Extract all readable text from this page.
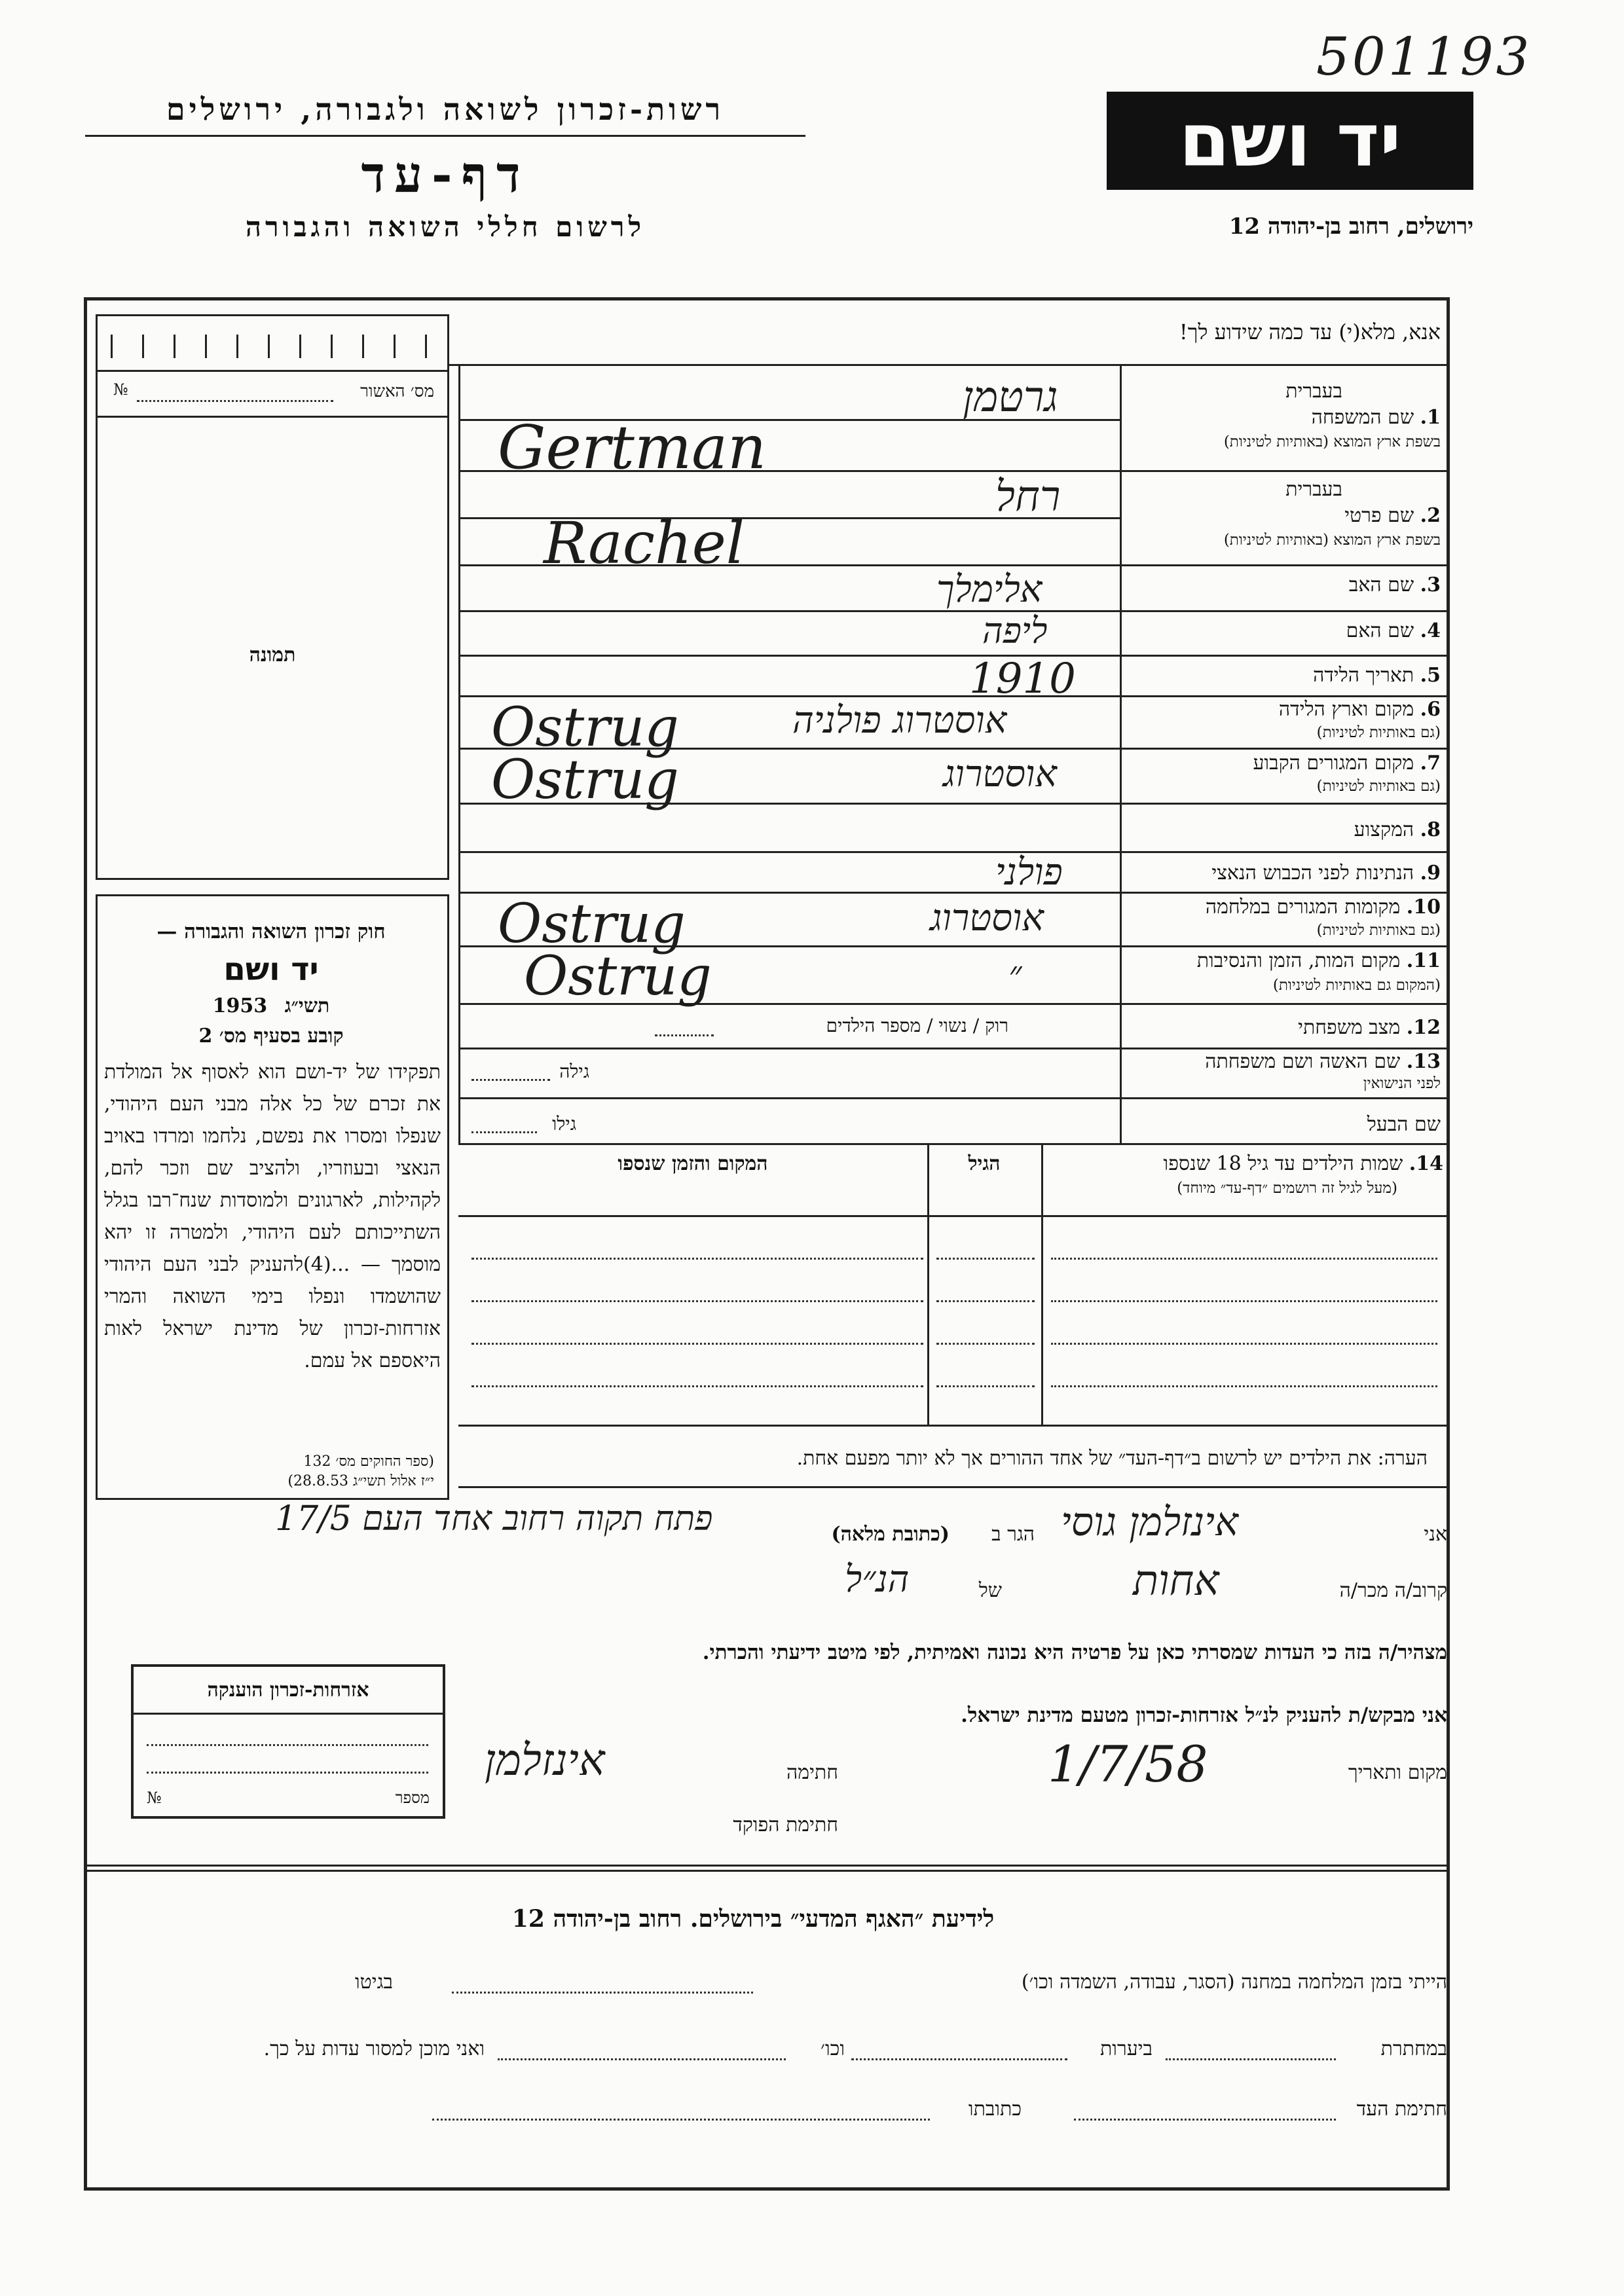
501193
רשות-זכרון לשואה ולגבורה, ירושלים
דף-עד
לרשום חללי השואה והגבורה
יד ושם
ירושלים, רחוב בן-יהודה 12
אנא, מלא(י) עד כמה שידוע לך!
מס׳ האשור
№
תמונה
חוק זכרון השואה והגבורה —
יד ושם
1953 תשי״ג
קובע בסעיף מס׳ 2
תפקידו של יד-ושם הוא לאסוף אל המולדת את זכרם של כל אלה מבני העם היהודי, שנפלו ומסרו את נפשם, נלחמו ומרדו באויב הנאצי ובעוזריו, ולהציב שם וזכר להם, לקהילות, לארגונים ולמוסדות שנח־רבו בגלל השתייכותם לעם היהודי, ולמטרה זו יהא מוסמך — ...(4)להעניק לבני העם היהודי שהושמדו ונפלו בימי השואה והמרי אזרחות-זכרון של מדינת ישראל לאות היאספם אל עמם.
(ספר החוקים מס׳ 132
י״ז אלול תשי״ג 28.8.53)
בעברית
1. שם המשפחה
בשפת ארץ המוצא (באותיות לטיניות)
בעברית
2. שם פרטי
בשפת ארץ המוצא (באותיות לטיניות)
3. שם האב
4. שם האם
5. תאריך הלידה
6. מקום וארץ הלידה
(גם באותיות לטיניות)
7. מקום המגורים הקבוע
(גם באותיות לטיניות)
8. המקצוע
9. הנתינות לפני הכבוש הנאצי
10. מקומות המגורים במלחמה
(גם באותיות לטיניות)
11. מקום המות, הזמן והנסיבות
(המקום גם באותיות לטיניות)
12. מצב משפחתי
13. שם האשה ושם משפחתה
לפני הנישואין
שם הבעל
גרטמן
Gertman
רחל
Rachel
אלימלך
ליפה
1910
אוסטרוג פולניה
Ostrug
אוסטרוג
Ostrug
פולני
אוסטרוג
Ostrug
״
Ostrug
רוק / נשוי / מספר הילדים
גילה
גילו
14. שמות הילדים עד גיל 18 שנספו
(מעל לגיל זה רושמים ״דף-עד״ מיוחד)
הגיל
המקום והזמן שנספו
הערה: את הילדים יש לרשום ב״דף-העד״ של אחד ההורים אך לא יותר מפעם אחת.
אני
אינזלמן גוסי
הגר ב
(כתובת מלאה)
פתח תקוה רחוב אחד העם 17/5
קרוב/ה מכר/ה
אחות
של
הנ״ל
מצהיר/ה בזה כי העדות שמסרתי כאן על פרטיה היא נכונה ואמיתית, לפי מיטב ידיעתי והכרתי.
אני מבקש/ת להעניק לנ״ל אזרחות-זכרון מטעם מדינת ישראל.
מקום ותאריך
1/7/58
חתימה
אינזלמן
חתימת הפוקד
אזרחות-זכרון הוענקה
מספר
№
לידיעת ״האגף המדעי״ בירושלים. רחוב בן-יהודה 12
הייתי בזמן המלחמה במחנה (הסגר, עבודה, השמדה וכו׳)
בגיטו
במחתרת
ביערות
וכו׳
ואני מוכן למסור עדות על כך.
חתימת העד
כתובתו
